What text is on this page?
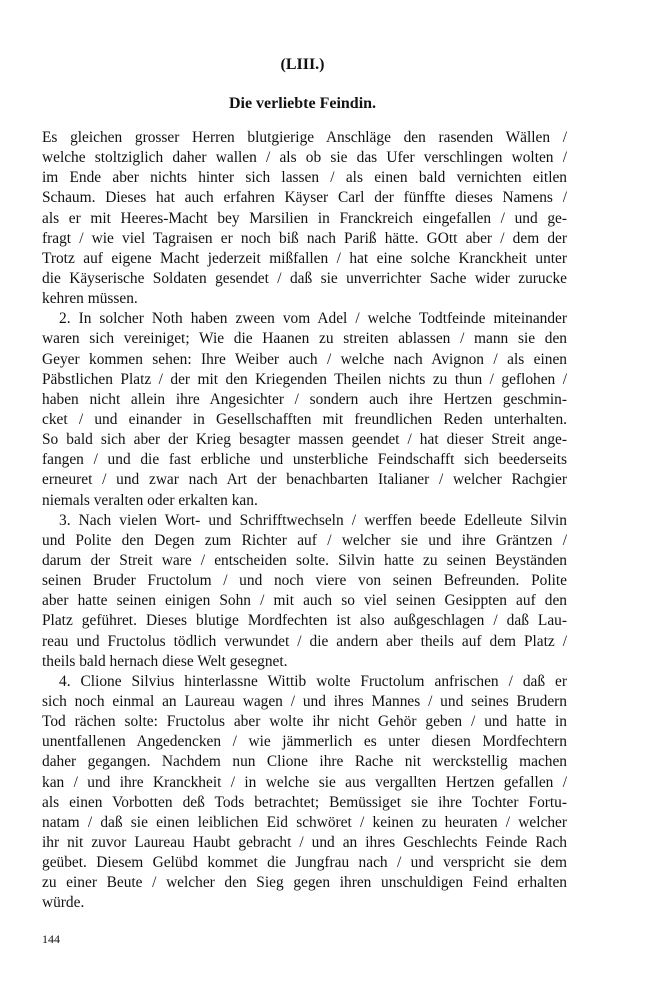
(LIII.)
Die verliebte Feindin.
Es gleichen grosser Herren blutgierige Anschläge den rasenden Wällen /
welche stoltziglich daher wallen / als ob sie das Ufer verschlingen wolten /
im Ende aber nichts hinter sich lassen / als einen bald vernichten eitlen
Schaum. Dieses hat auch erfahren Käyser Carl der fünffte dieses Namens /
als er mit Heeres-Macht bey Marsilien in Franckreich eingefallen / und ge-
fragt / wie viel Tagraisen er noch biß nach Pariß hätte. GOtt aber / dem der
Trotz auf eigene Macht jederzeit mißfallen / hat eine solche Kranckheit unter
die Käyserische Soldaten gesendet / daß sie unverrichter Sache wider zurucke
kehren müssen.
2. In solcher Noth haben zween vom Adel / welche Todtfeinde miteinander
waren sich vereiniget; Wie die Haanen zu streiten ablassen / mann sie den
Geyer kommen sehen: Ihre Weiber auch / welche nach Avignon / als einen
Päbstlichen Platz / der mit den Kriegenden Theilen nichts zu thun / geflohen /
haben nicht allein ihre Angesichter / sondern auch ihre Hertzen geschmin-
cket / und einander in Gesellschafften mit freundlichen Reden unterhalten.
So bald sich aber der Krieg besagter massen geendet / hat dieser Streit ange-
fangen / und die fast erbliche und unsterbliche Feindschafft sich beederseits
erneuret / und zwar nach Art der benachbarten Italianer / welcher Rachgier
niemals veralten oder erkalten kan.
3. Nach vielen Wort- und Schrifftwechseln / werffen beede Edelleute Silvin
und Polite den Degen zum Richter auf / welcher sie und ihre Gräntzen /
darum der Streit ware / entscheiden solte. Silvin hatte zu seinen Beyständen
seinen Bruder Fructolum / und noch viere von seinen Befreunden. Polite
aber hatte seinen einigen Sohn / mit auch so viel seinen Gesippten auf den
Platz geführet. Dieses blutige Mordfechten ist also außgeschlagen / daß Lau-
reau und Fructolus tödlich verwundet / die andern aber theils auf dem Platz /
theils bald hernach diese Welt gesegnet.
4. Clione Silvius hinterlassne Wittib wolte Fructolum anfrischen / daß er
sich noch einmal an Laureau wagen / und ihres Mannes / und seines Brudern
Tod rächen solte: Fructolus aber wolte ihr nicht Gehör geben / und hatte in
unentfallenen Angedencken / wie jämmerlich es unter diesen Mordfechtern
daher gegangen. Nachdem nun Clione ihre Rache nit werckstellig machen
kan / und ihre Kranckheit / in welche sie aus vergallten Hertzen gefallen /
als einen Vorbotten deß Tods betrachtet; Bemüssiget sie ihre Tochter Fortu-
natam / daß sie einen leiblichen Eid schwöret / keinen zu heuraten / welcher
ihr nit zuvor Laureau Haubt gebracht / und an ihres Geschlechts Feinde Rach
geübet. Diesem Gelübd kommet die Jungfrau nach / und verspricht sie dem
zu einer Beute / welcher den Sieg gegen ihren unschuldigen Feind erhalten
würde.
144
